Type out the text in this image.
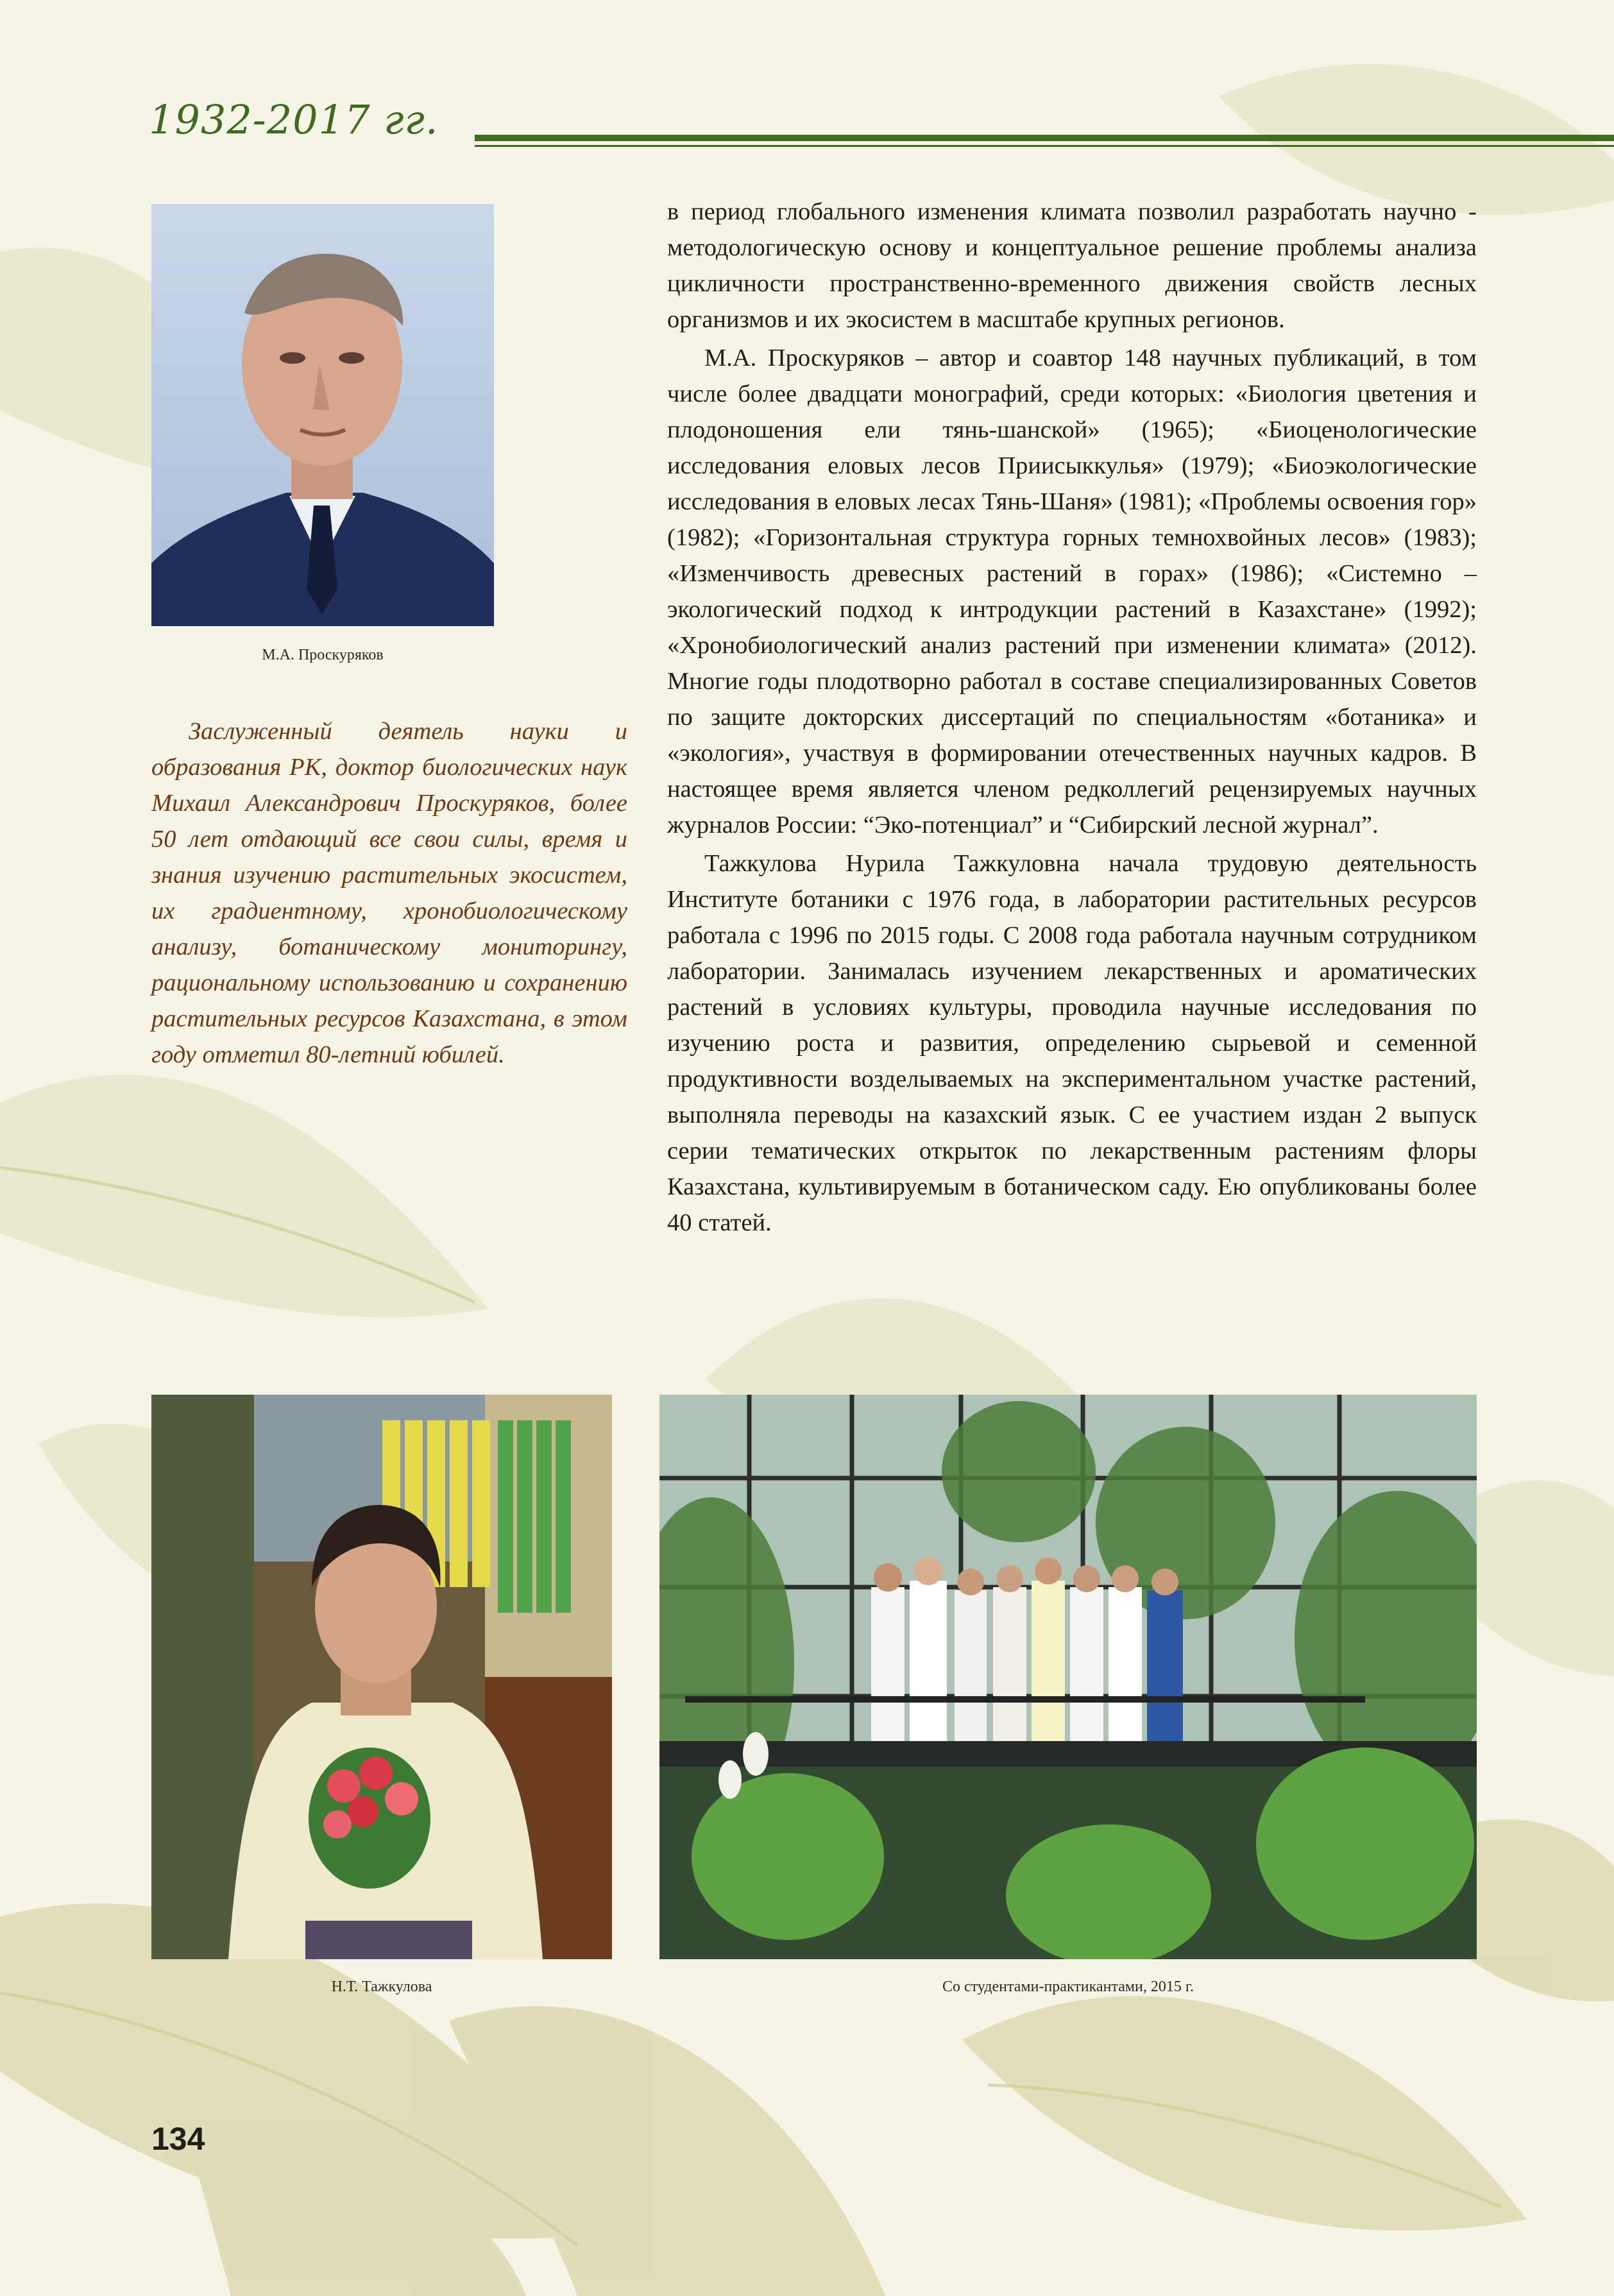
1932-2017 гг.
М.А. Проскуряков

Заслуженный деятель науки и образования РК, доктор биологических наук Михаил Александрович Проскуряков, более 50 лет отдающий все свои силы, время и знания изучению растительных экосистем, их градиентному, хронобиологическому анализу, ботаническому мониторингу, рациональному использованию и сохранению растительных ресурсов Казахстана, в этом году отметил 80-летний юбилей.

в период глобального изменения климата позволил разработать научно - методологическую основу и концептуальное решение проблемы анализа цикличности пространственно-временного движения свойств лесных организмов и их экосистем в масштабе крупных регионов.

М.А. Проскуряков – автор и соавтор 148 научных публикаций, в том числе более двадцати монографий, среди которых: «Биология цветения и плодоношения ели тянь-шанской» (1965); «Биоценологические исследования еловых лесов Приисыккулья» (1979); «Биоэкологические исследования в еловых лесах Тянь-Шаня» (1981); «Проблемы освоения гор» (1982); «Горизонтальная структура горных темнохвойных лесов» (1983); «Изменчивость древесных растений в горах» (1986); «Системно – экологический подход к интродукции растений в Казахстане» (1992); «Хронобиологический анализ растений при изменении климата» (2012). Многие годы плодотворно работал в составе специализированных Советов по защите докторских диссертаций по специальностям «ботаника» и «экология», участвуя в формировании отечественных научных кадров. В настоящее время является членом редколлегий рецензируемых научных журналов России: “Эко-потенциал” и “Сибирский лесной журнал”.

Тажкулова Нурила Тажкуловна начала трудовую деятельность Институте ботаники с 1976 года, в лаборатории растительных ресурсов работала с 1996 по 2015 годы. С 2008 года работала научным сотрудником лаборатории. Занималась изучением лекарственных и ароматических растений в условиях культуры, проводила научные исследования по изучению роста и развития, определению сырьевой и семенной продуктивности возделываемых на экспериментальном участке растений, выполняла переводы на казахский язык. С ее участием издан 2 выпуск серии тематических открыток по лекарственным растениям флоры Казахстана, культивируемым в ботаническом саду. Ею опубликованы более 40 статей.

Н.Т. Тажкулова	Со студентами-практикантами, 2015 г.
134
